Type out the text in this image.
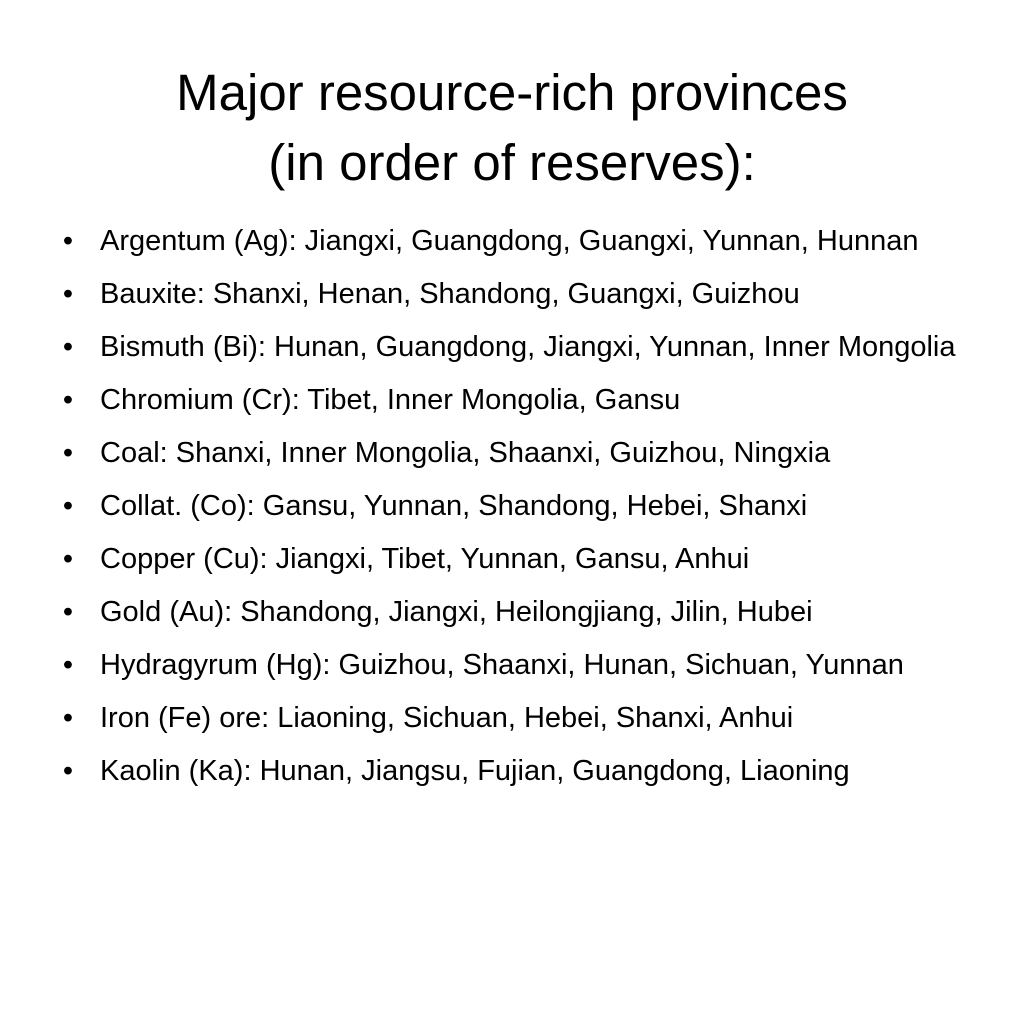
Major resource-rich provinces
(in order of reserves):
• Argentum (Ag): Jiangxi, Guangdong, Guangxi, Yunnan, Hunnan
• Bauxite: Shanxi, Henan, Shandong, Guangxi, Guizhou
• Bismuth (Bi): Hunan, Guangdong, Jiangxi, Yunnan, Inner Mongolia
• Chromium (Cr): Tibet, Inner Mongolia, Gansu
• Coal: Shanxi, Inner Mongolia, Shaanxi, Guizhou, Ningxia
• Collat. (Co): Gansu, Yunnan, Shandong, Hebei, Shanxi
• Copper (Cu): Jiangxi, Tibet, Yunnan, Gansu, Anhui
• Gold (Au): Shandong, Jiangxi, Heilongjiang, Jilin, Hubei
• Hydragyrum (Hg): Guizhou, Shaanxi, Hunan, Sichuan, Yunnan
• Iron (Fe) ore: Liaoning, Sichuan, Hebei, Shanxi, Anhui
• Kaolin (Ka): Hunan, Jiangsu, Fujian, Guangdong, Liaoning
